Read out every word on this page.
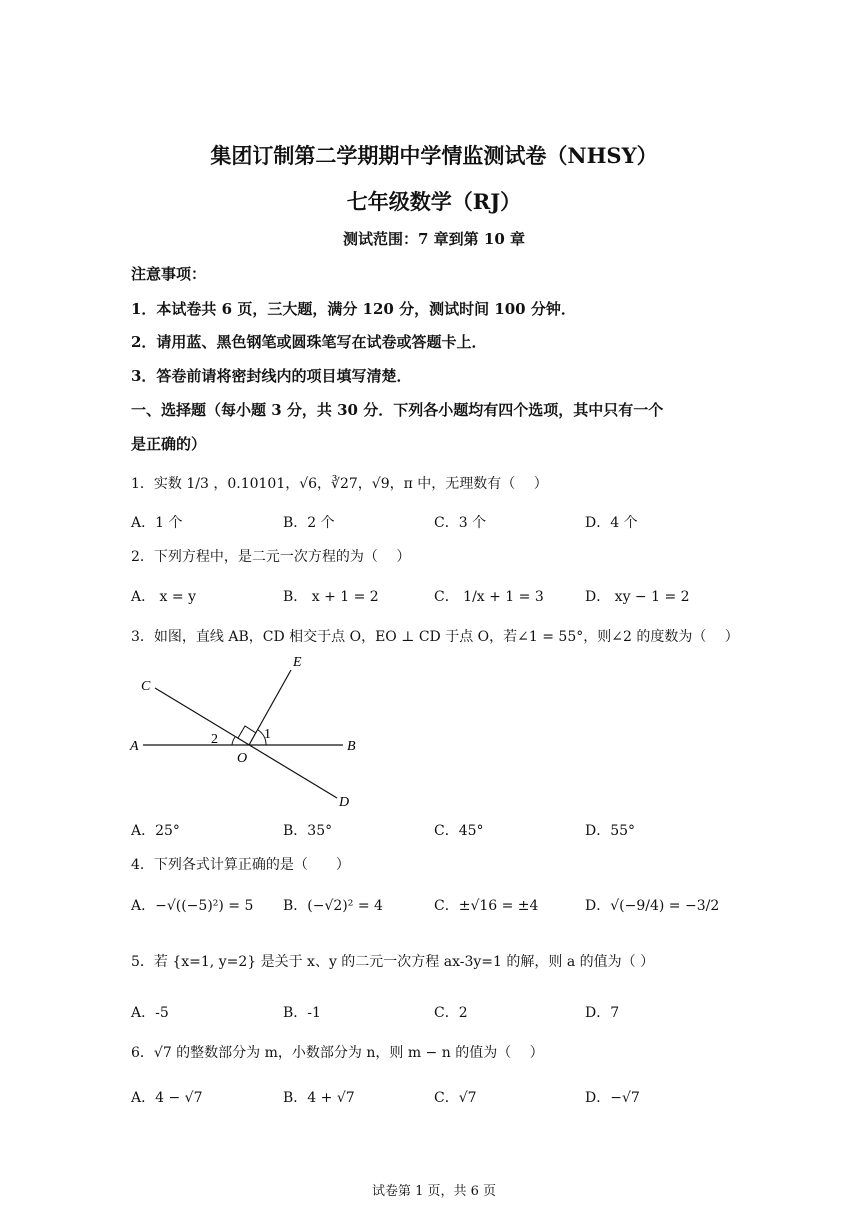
集团订制第二学期期中学情监测试卷（NHSY）
七年级数学（RJ）
测试范围：7 章到第 10 章
注意事项：
1．本试卷共 6 页，三大题，满分 120 分，测试时间 100 分钟．
2．请用蓝、黑色钢笔或圆珠笔写在试卷或答题卡上．
3．答卷前请将密封线内的项目填写清楚．
一、选择题（每小题 3 分，共 30 分．下列各小题均有四个选项，其中只有一个
是正确的）
1．实数 1/3 ，0.10101，√6，∛27，√9，π 中，无理数有（　 ）
A．1 个	B．2 个	C．3 个	D．4 个
2．下列方程中，是二元一次方程的为（　 ）
A． x = y	B． x + 1 = 2	C． 1/x + 1 = 3	D． xy − 1 = 2
3．如图，直线 AB，CD 相交于点 O，EO ⊥ CD 于点 O，若∠1 = 55°，则∠2 的度数为（　 ）
A	B
C
D
E
O
1
2
A．25°	B．35°	C．45°	D．55°
4．下列各式计算正确的是（　　）
A．−√((−5)²) = 5 B．(−√2)² = 4	C．±√16 = ±4	D．√(−9/4) = −3/2
5．若 {x=1, y=2} 是关于 x、y 的二元一次方程 ax-3y=1 的解，则 a 的值为（ ）
A．-5	B．-1	C．2	D．7
6．√7 的整数部分为 m，小数部分为 n，则 m − n 的值为（　 ）
A．4 − √7	B．4 + √7	C．√7	D．−√7
试卷第 1 页，共 6 页
